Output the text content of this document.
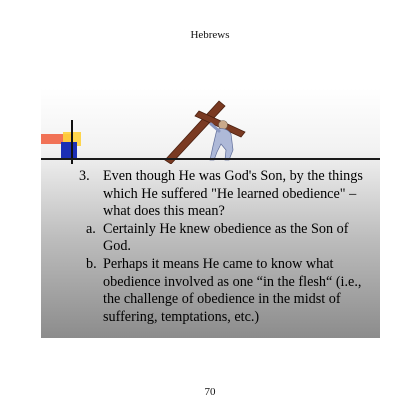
Hebrews
3. Even though He was God's Son, by the things which He suffered "He learned obedience" – what does this mean?
a. Certainly He knew obedience as the Son of God.
b. Perhaps it means He came to know what obedience involved as one “in the flesh“ (i.e., the challenge of obedience in the midst of suffering, temptations, etc.)
70
